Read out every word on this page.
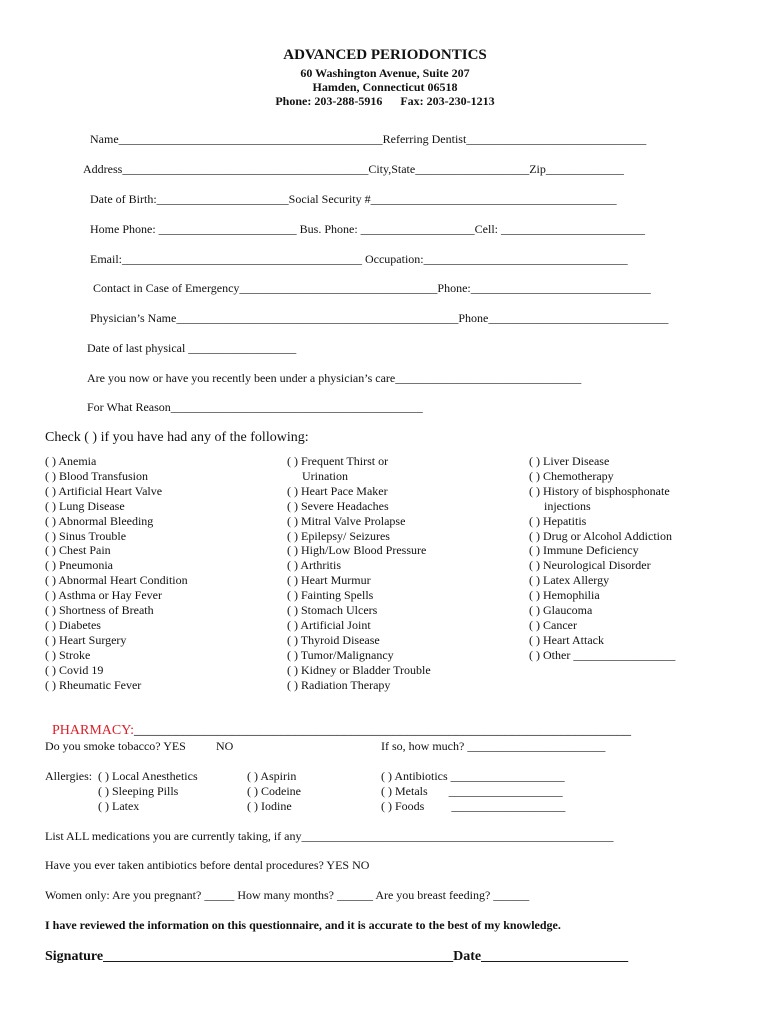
ADVANCED PERIODONTICS
60 Washington Avenue, Suite 207
Hamden, Connecticut 06518
Phone: 203-288-5916      Fax: 203-230-1213
Name____________________________________________Referring Dentist______________________________
Address_________________________________________City,State___________________Zip_____________
Date of Birth:______________________Social Security #_________________________________________
Home Phone: _______________________ Bus. Phone: ___________________Cell: ________________________
Email:________________________________________ Occupation:__________________________________
Contact in Case of Emergency_________________________________Phone:______________________________
Physician’s Name_______________________________________________Phone______________________________
Date of last physical __________________
Are you now or have you recently been under a physician’s care_______________________________
For What Reason__________________________________________
Check ( ) if you have had any of the following:
( ) Anemia
( ) Blood Transfusion
( ) Artificial Heart Valve
( ) Lung Disease
( ) Abnormal Bleeding
( ) Sinus Trouble
( ) Chest Pain
( ) Pneumonia
( ) Abnormal Heart Condition
( ) Asthma or Hay Fever
( ) Shortness of Breath
( ) Diabetes
( ) Heart Surgery
( ) Stroke
( ) Covid 19
( ) Rheumatic Fever
( ) Frequent Thirst or
Urination
( ) Heart Pace Maker
( ) Severe Headaches
( ) Mitral Valve Prolapse
( ) Epilepsy/ Seizures
( ) High/Low Blood Pressure
( ) Arthritis
( ) Heart Murmur
( ) Fainting Spells
( ) Stomach Ulcers
( ) Artificial Joint
( ) Thyroid Disease
( ) Tumor/Malignancy
( ) Kidney or Bladder Trouble
( ) Radiation Therapy
( ) Liver Disease
( ) Chemotherapy
( ) History of bisphosphonate
injections
( ) Hepatitis
( ) Drug or Alcohol Addiction
( ) Immune Deficiency
( ) Neurological Disorder
( ) Latex Allergy
( ) Hemophilia
( ) Glaucoma
( ) Cancer
( ) Heart Attack
( ) Other _________________

PHARMACY:_______________________________________________________________________

Do you smoke tobacco? YES	NO	If so, how much? _______________________
Allergies: ( ) Local Anesthetics
( ) Sleeping Pills
( ) Latex
( ) Aspirin
( ) Codeine
( ) Iodine
( ) Antibiotics ___________________
( ) Metals       ___________________
( ) Foods         ___________________
List ALL medications you are currently taking, if any____________________________________________________
Have you ever taken antibiotics before dental procedures? YES NO
Women only: Are you pregnant? _____ How many months? ______ Are you breast feeding? ______
I have reviewed the information on this questionnaire, and it is accurate to the best of my knowledge.
Signature__________________________________________________Date_____________________
